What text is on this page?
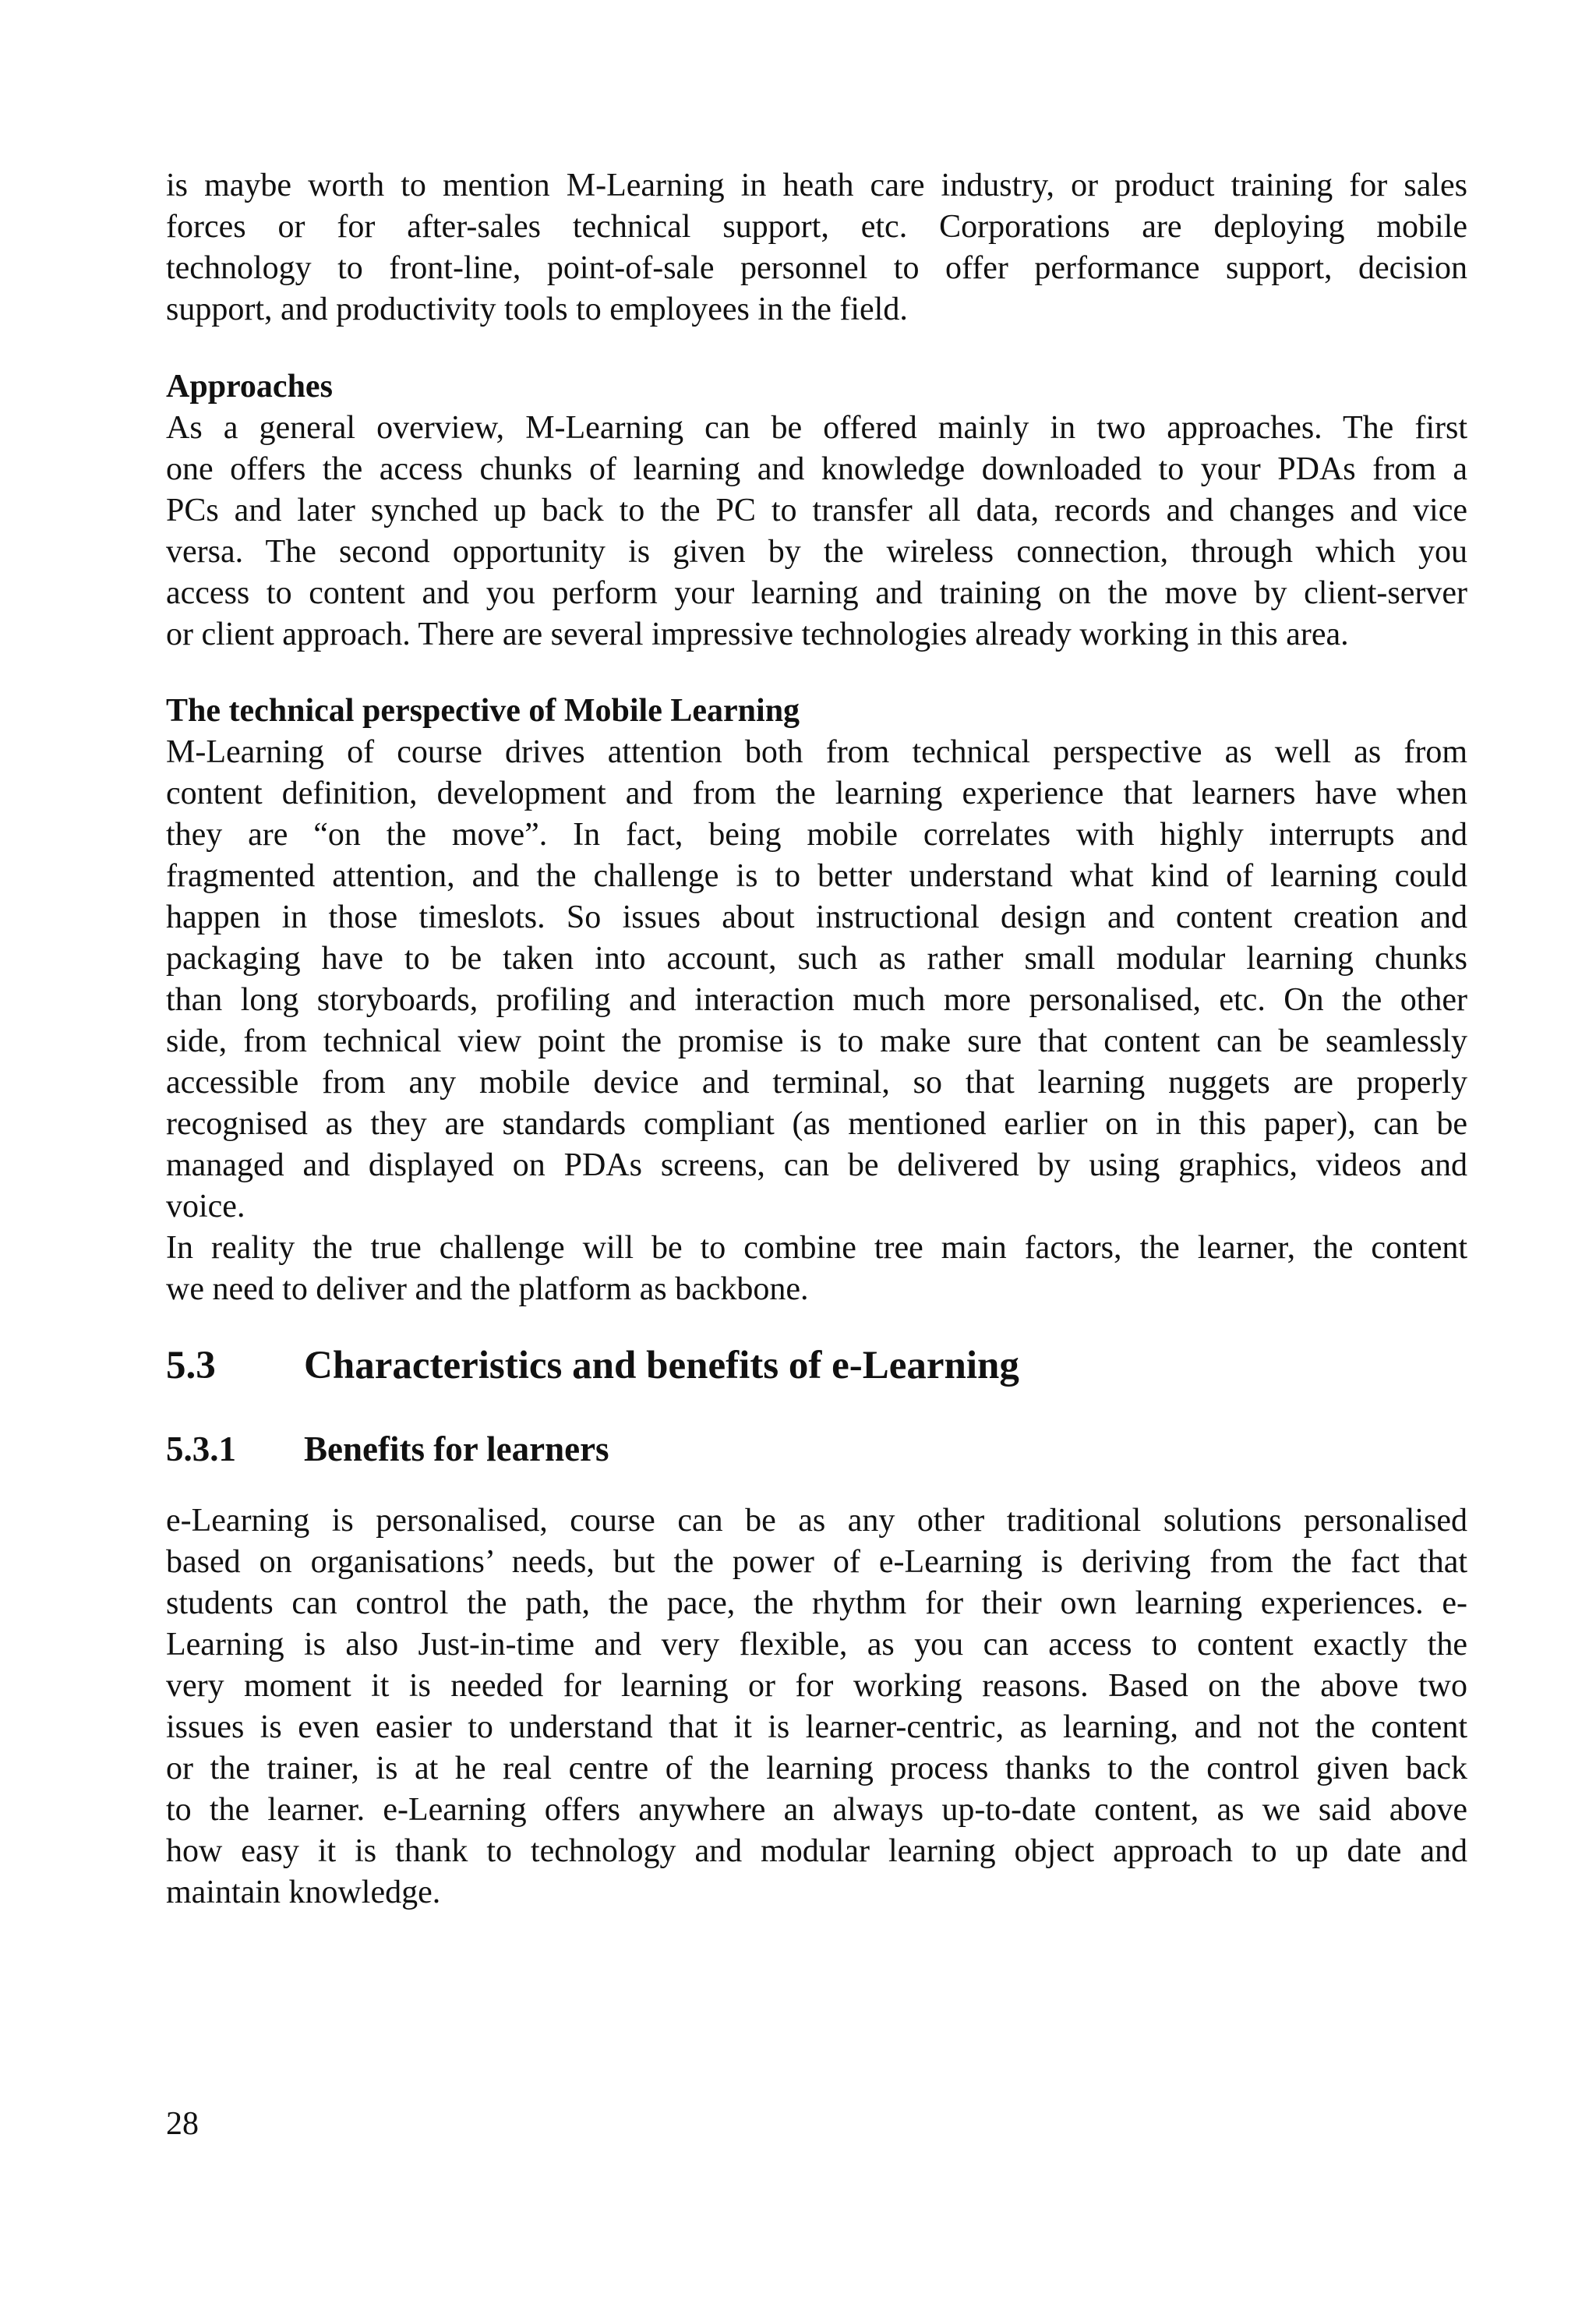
is maybe worth to mention M-Learning in heath care industry, or product training for sales
forces or for after-sales technical support, etc. Corporations are deploying mobile
technology to front-line, point-of-sale personnel to offer performance support, decision
support, and productivity tools to employees in the field.

Approaches

As a general overview, M-Learning can be offered mainly in two approaches. The first
one offers the access chunks of learning and knowledge downloaded to your PDAs from a
PCs and later synched up back to the PC to transfer all data, records and changes and vice
versa. The second opportunity is given by the wireless connection, through which you
access to content and you perform your learning and training on the move by client-server
or client approach. There are several impressive technologies already working in this area.

The technical perspective of Mobile Learning

M-Learning of course drives attention both from technical perspective as well as from
content definition, development and from the learning experience that learners have when
they are “on the move”. In fact, being mobile correlates with highly interrupts and
fragmented attention, and the challenge is to better understand what kind of learning could
happen in those timeslots. So issues about instructional design and content creation and
packaging have to be taken into account, such as rather small modular learning chunks
than long storyboards, profiling and interaction much more personalised, etc. On the other
side, from technical view point the promise is to make sure that content can be seamlessly
accessible from any mobile device and terminal, so that learning nuggets are properly
recognised as they are standards compliant (as mentioned earlier on in this paper), can be
managed and displayed on PDAs screens, can be delivered by using graphics, videos and
voice.
In reality the true challenge will be to combine tree main factors, the learner, the content
we need to deliver and the platform as backbone.
5.3 Characteristics and benefits of e-Learning
5.3.1 Benefits for learners
e-Learning is personalised, course can be as any other traditional solutions personalised
based on organisations’ needs, but the power of e-Learning is deriving from the fact that
students can control the path, the pace, the rhythm for their own learning experiences. e-
Learning is also Just-in-time and very flexible, as you can access to content exactly the
very moment it is needed for learning or for working reasons. Based on the above two
issues is even easier to understand that it is learner-centric, as learning, and not the content
or the trainer, is at he real centre of the learning process thanks to the control given back
to the learner. e-Learning offers anywhere an always up-to-date content, as we said above
how easy it is thank to technology and modular learning object approach to up date and
maintain knowledge.

28
